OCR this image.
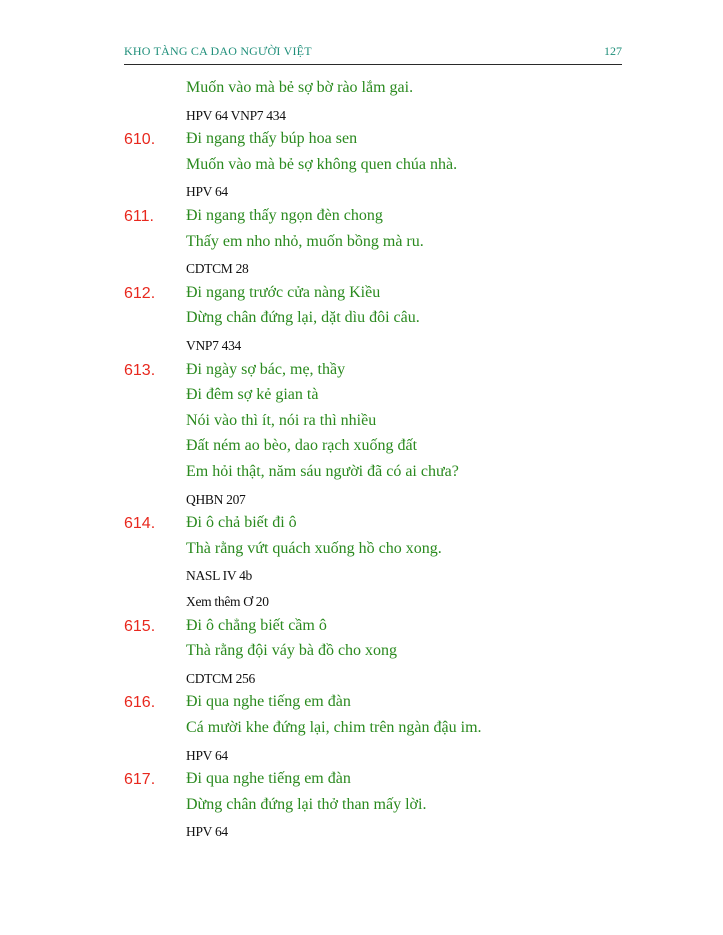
KHO TÀNG CA DAO NGƯỜI VIỆT	127
Muốn vào mà bẻ sợ bờ rào lắm gai.
HPV 64 VNP7 434
610. Đi ngang thấy búp hoa sen
Muốn vào mà bẻ sợ không quen chúa nhà.
HPV 64
611. Đi ngang thấy ngọn đèn chong
Thấy em nho nhỏ, muốn bồng mà ru.
CDTCM 28
612. Đi ngang trước cửa nàng Kiều
Dừng chân đứng lại, dặt dìu đôi câu.
VNP7 434
613. Đi ngày sợ bác, mẹ, thầy
Đi đêm sợ kẻ gian tà
Nói vào thì ít, nói ra thì nhiều
Đất ném ao bèo, dao rạch xuống đất
Em hỏi thật, năm sáu người đã có ai chưa?
QHBN 207
614. Đi ô chả biết đi ô
Thà rằng vứt quách xuống hồ cho xong.
NASL IV 4b
Xem thêm Ơ 20
615. Đi ô chẳng biết cầm ô
Thà rằng đội váy bà đồ cho xong
CDTCM 256
616. Đi qua nghe tiếng em đàn
Cá mười khe đứng lại, chim trên ngàn đậu im.
HPV 64
617. Đi qua nghe tiếng em đàn
Dừng chân đứng lại thở than mấy lời.
HPV 64
